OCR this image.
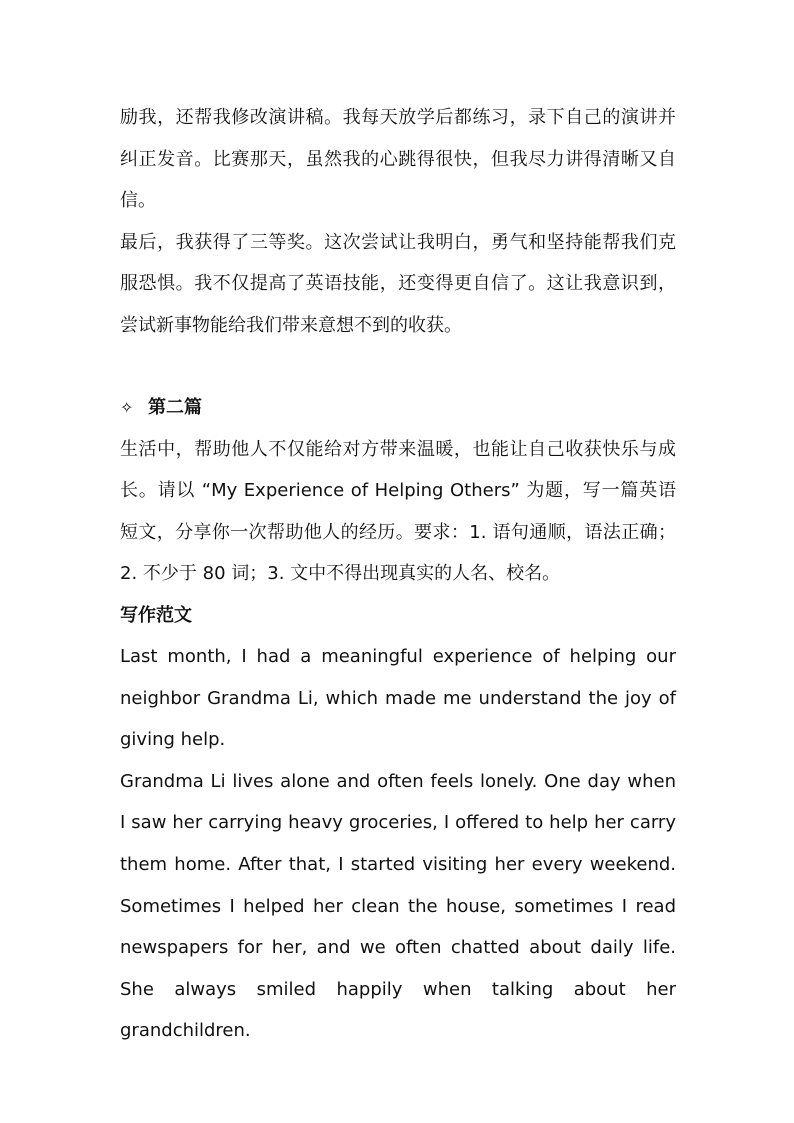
励我，还帮我修改演讲稿。我每天放学后都练习，录下自己的演讲并纠正发音。比赛那天，虽然我的心跳得很快，但我尽力讲得清晰又自信。

最后，我获得了三等奖。这次尝试让我明白，勇气和坚持能帮我们克服恐惧。我不仅提高了英语技能，还变得更自信了。这让我意识到，尝试新事物能给我们带来意想不到的收获。

✧ 第二篇

生活中，帮助他人不仅能给对方带来温暖，也能让自己收获快乐与成长。请以 “My Experience of Helping Others” 为题，写一篇英语短文，分享你一次帮助他人的经历。要求：1. 语句通顺，语法正确；2. 不少于 80 词；3. 文中不得出现真实的人名、校名。

写作范文

Last month, I had a meaningful experience of helping our neighbor Grandma Li, which made me understand the joy of giving help.

Grandma Li lives alone and often feels lonely. One day when I saw her carrying heavy groceries, I offered to help her carry them home. After that, I started visiting her every weekend. Sometimes I helped her clean the house, sometimes I read newspapers for her, and we often chatted about daily life. She always smiled happily when talking about her grandchildren.
